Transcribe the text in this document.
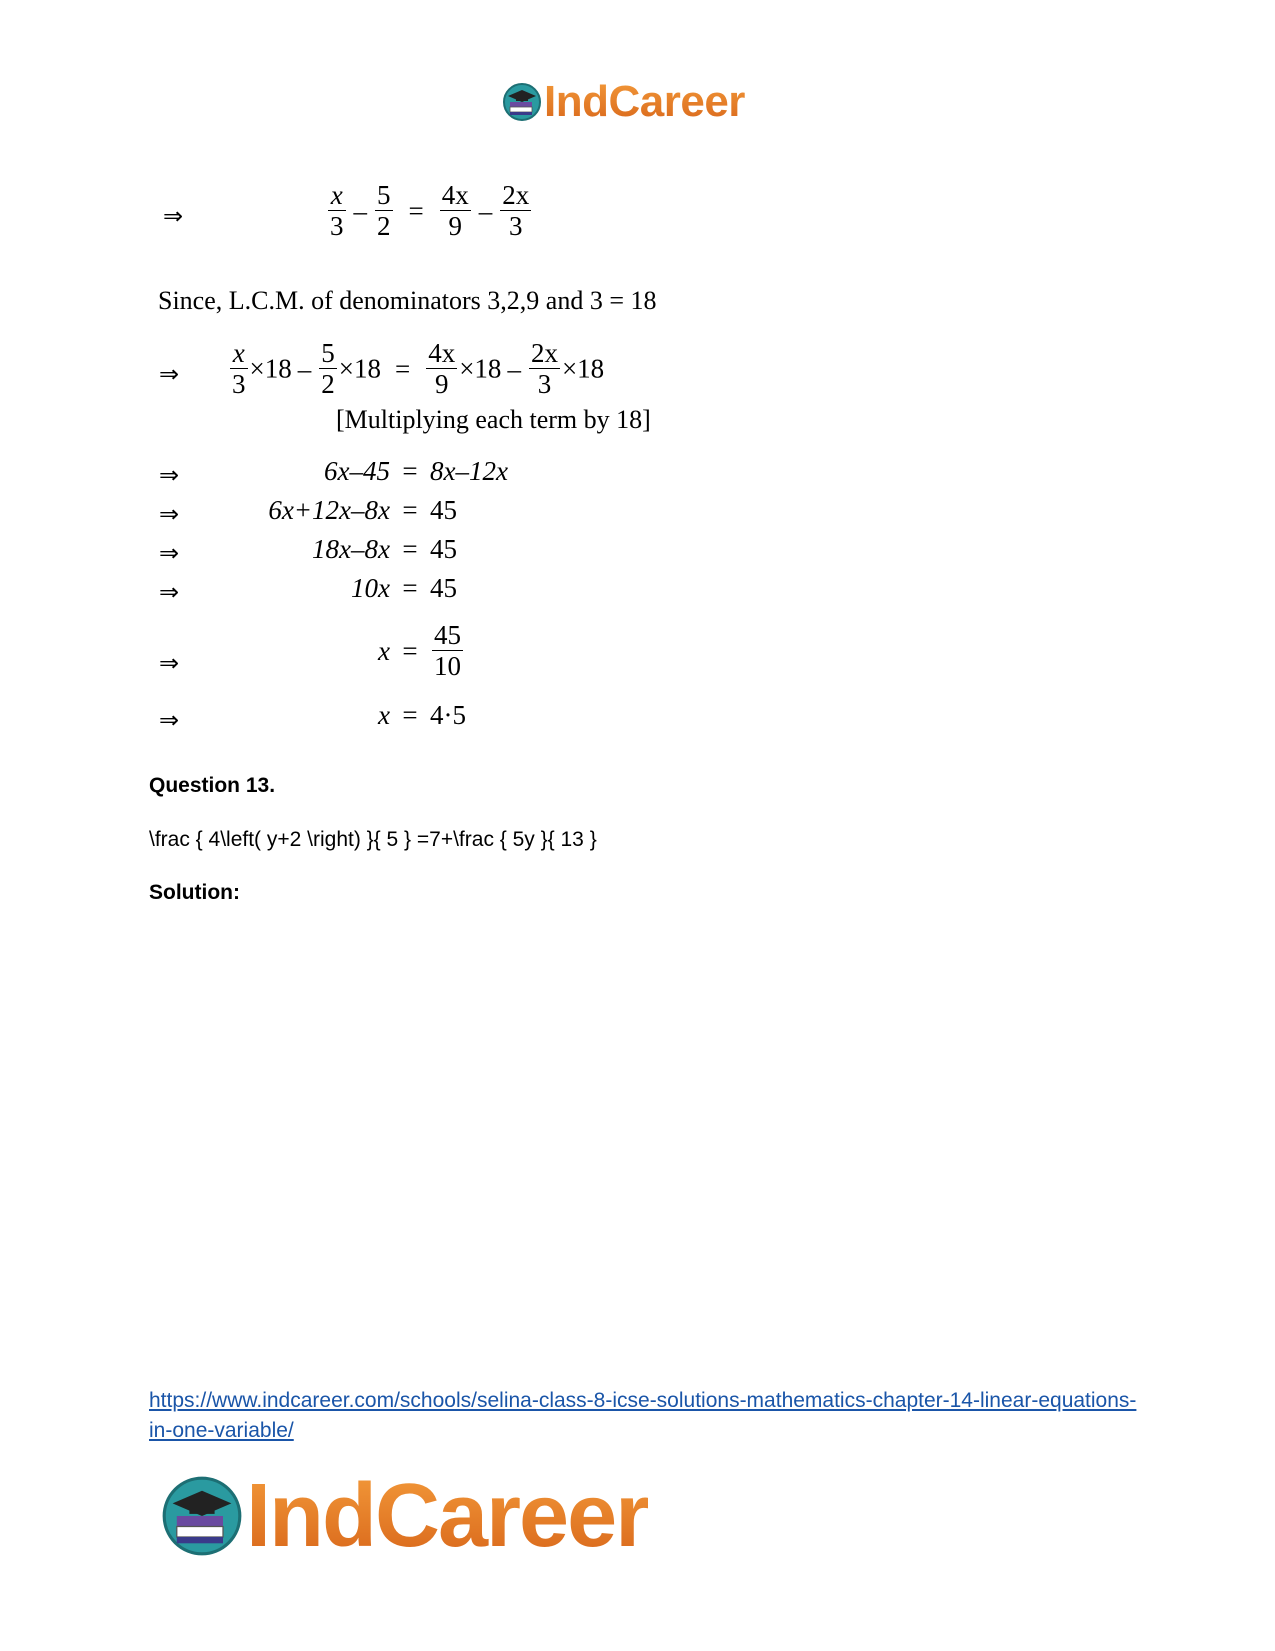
IndCareer
⇒	$\frac{x}{3} - \frac{5}{2} = \frac{4x}{9} - \frac{2x}{3}$
Since, L.C.M. of denominators 3,2,9 and 3 = 18
⇒ $\frac{x}{3} \times 18 - \frac{5}{2} \times 18 = \frac{4x}{9} \times 18 - \frac{2x}{3} \times 18$
[Multiplying each term by 18]
⇒	6x–45 = 8x–12x
⇒	6x+12x–8x = 45
⇒	18x–8x = 45
⇒	10x = 45
⇒	$x = \frac{45}{10}$
⇒	x = 4·5
Question 13.
\frac { 4\left( y+2 \right) }{ 5 } =7+\frac { 5y }{ 13 }
Solution:
https://www.indcareer.com/schools/selina-class-8-icse-solutions-mathematics-chapter-14-linear-equations-in-one-variable/
IndCareer
